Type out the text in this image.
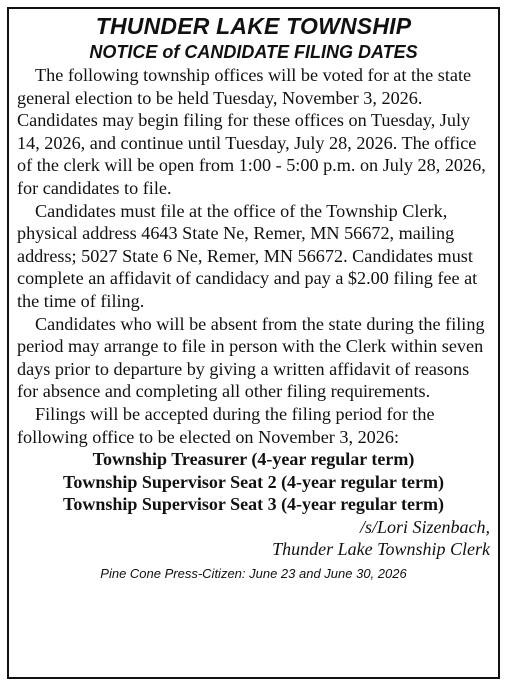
THUNDER LAKE TOWNSHIP
NOTICE of CANDIDATE FILING DATES

The following township offices will be voted for at the state general election to be held Tuesday, November 3, 2026. Candidates may begin filing for these offices on Tuesday, July 14, 2026, and continue until Tuesday, July 28, 2026. The office of the clerk will be open from 1:00 - 5:00 p.m. on July 28, 2026, for candidates to file.

Candidates must file at the office of the Township Clerk, physical address 4643 State Ne, Remer, MN 56672, mailing address; 5027 State 6 Ne, Remer, MN 56672. Candidates must complete an affidavit of candidacy and pay a $2.00 filing fee at the time of filing.

Candidates who will be absent from the state during the filing period may arrange to file in person with the Clerk within seven days prior to departure by giving a written affidavit of reasons for absence and completing all other filing requirements.

Filings will be accepted during the filing period for the following office to be elected on November 3, 2026:

Township Treasurer (4-year regular term)
Township Supervisor Seat 2 (4-year regular term)
Township Supervisor Seat 3 (4-year regular term)
/s/Lori Sizenbach,
Thunder Lake Township Clerk
Pine Cone Press-Citizen: June 23 and June 30, 2026
